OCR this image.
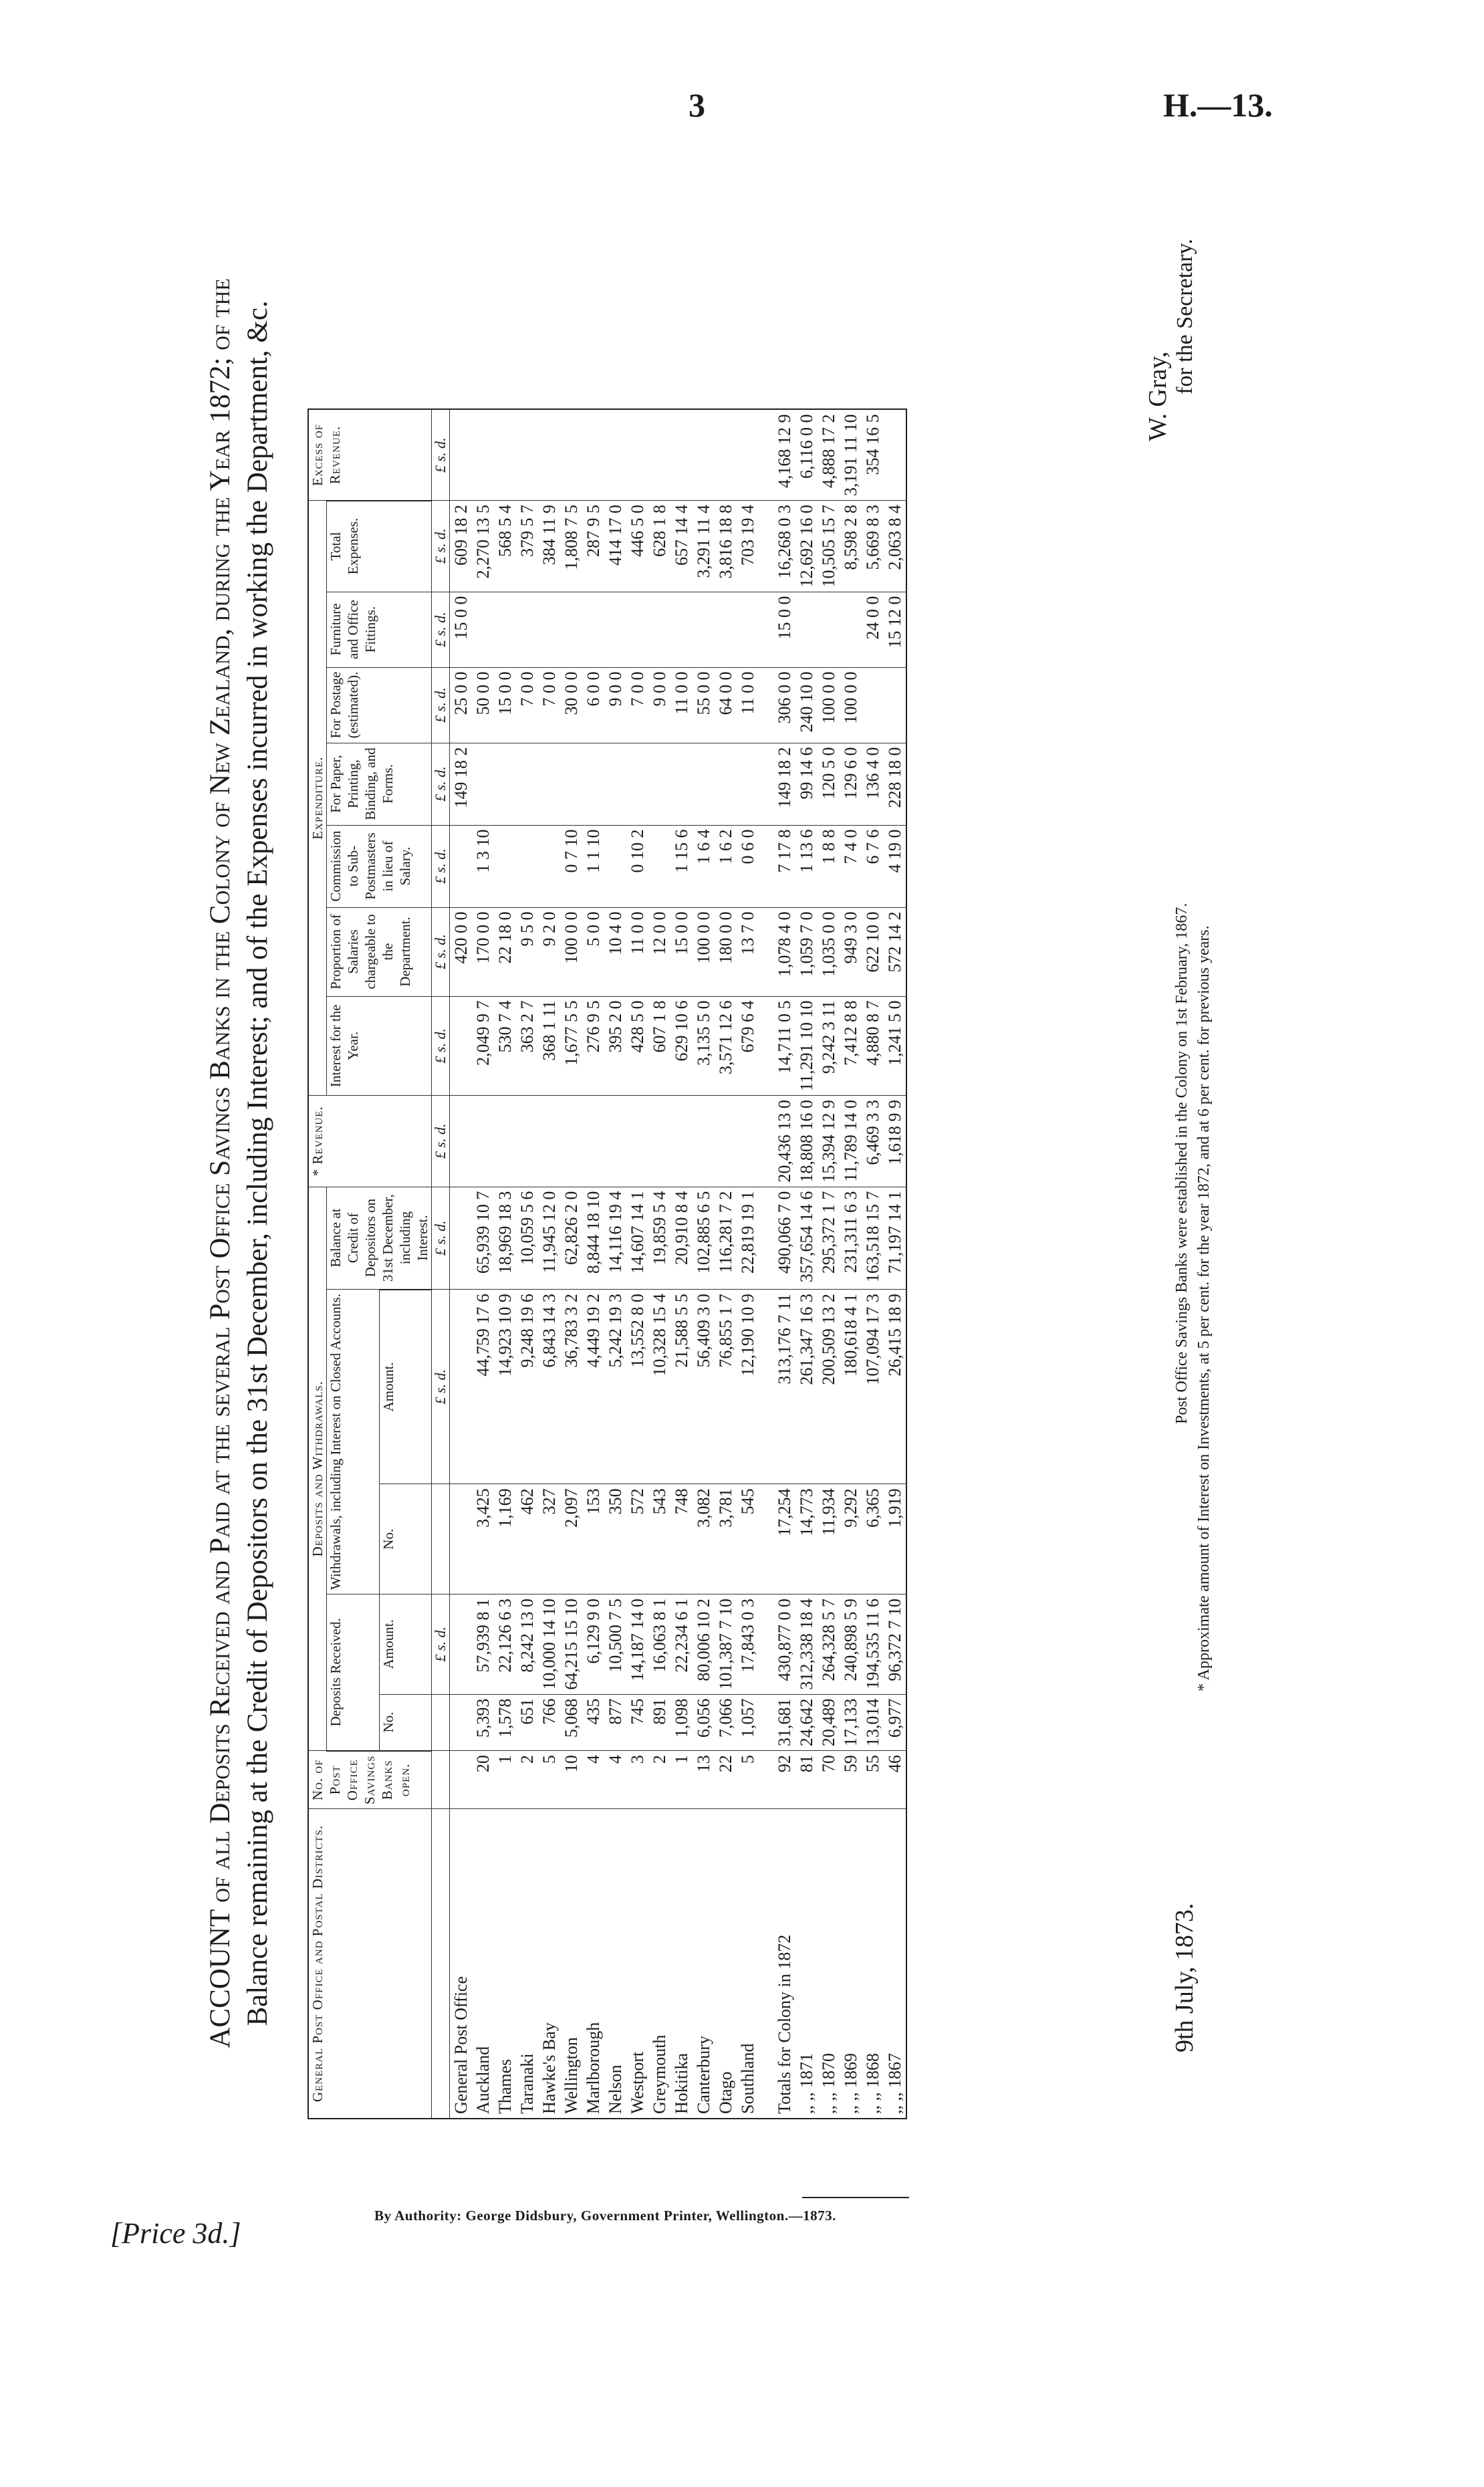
3	H.—13.
[Price 3d.]
By Authority: George Didsbury, Government Printer, Wellington.—1873.
ACCOUNT of all Deposits Received and Paid at the several Post Office Savings Banks in the Colony of New Zealand, during the Year 1872; of the Balance remaining at the Credit of Depositors on the 31st December, including Interest; and of the Expenses incurred in working the Department, &c.	General Post Office and Postal Districts.	No. of Post Office Savings Banks open.	Deposits and Withdrawals.					* Revenue.	Expenditure.							Excess of Revenue.
		Deposits Received.		Withdrawals, including Interest on Closed Accounts.		Balance at Credit of Depositors on 31st December, including Interest.		Interest for the Year.	Proportion of Salaries chargeable to the Department.	Commission to Sub-Postmasters in lieu of Salary.	For Paper, Printing, Binding, and Forms.	For Postage (estimated).	Furniture and Office Fittings.	Total Expenses.	
		No.	Amount.	No.	Amount.										
			£ s. d.		£ s. d.	£ s. d.	£ s. d.	£ s. d.	£ s. d.	£ s. d.	£ s. d.	£ s. d.	£ s. d.	£ s. d.	£ s. d.
General Post Office									420 0 0		149 18 2	25 0 0	15 0 0	609 18 2	
Auckland	20	5,393	57,939 8 1	3,425	44,759 17 6	65,939 10 7		2,049 9 7	170 0 0	1 3 10		50 0 0		2,270 13 5	
Thames	1	1,578	22,126 6 3	1,169	14,923 10 9	18,969 18 3		530 7 4	22 18 0			15 0 0		568 5 4	
Taranaki	2	651	8,242 13 0	462	9,248 19 6	10,059 5 6		363 2 7	9 5 0			7 0 0		379 5 7	
Hawke's Bay	5	766	10,000 14 10	327	6,843 14 3	11,945 12 0		368 1 11	9 2 0			7 0 0		384 11 9	
Wellington	10	5,068	64,215 15 10	2,097	36,783 3 2	62,826 2 0		1,677 5 5	100 0 0	0 7 10		30 0 0		1,808 7 5	
Marlborough	4	435	6,129 9 0	153	4,449 19 2	8,844 18 10		276 9 5	5 0 0	1 1 10		6 0 0		287 9 5	
Nelson	4	877	10,500 7 5	350	5,242 19 3	14,116 19 4		395 2 0	10 4 0			9 0 0		414 17 0	
Westport	3	745	14,187 14 0	572	13,552 8 0	14,607 14 1		428 5 0	11 0 0	0 10 2		7 0 0		446 5 0	
Greymouth	2	891	16,063 8 1	543	10,328 15 4	19,859 5 4		607 1 8	12 0 0			9 0 0		628 1 8	
Hokitika	1	1,098	22,234 6 1	748	21,588 5 5	20,910 8 4		629 10 6	15 0 0	1 15 6		11 0 0		657 14 4	
Canterbury	13	6,056	80,006 10 2	3,082	56,409 3 0	102,885 6 5		3,135 5 0	100 0 0	1 6 4		55 0 0		3,291 11 4	
Otago	22	7,066	101,387 7 10	3,781	76,855 1 7	116,281 7 2		3,571 12 6	180 0 0	1 6 2		64 0 0		3,816 18 8	
Southland	5	1,057	17,843 0 3	545	12,190 10 9	22,819 19 1		679 6 4	13 7 0	0 6 0		11 0 0		703 19 4	

Totals for Colony in 1872	92	31,681	430,877 0 0	17,254	313,176 7 11	490,066 7 0	20,436 13 0	14,711 0 5	1,078 4 0	7 17 8	149 18 2	306 0 0	15 0 0	16,268 0 3	4,168 12 9
,, ,, 1871	81	24,642	312,338 18 4	14,773	261,347 16 3	357,654 14 6	18,808 16 0	11,291 10 10	1,059 7 0	1 13 6	99 14 6	240 10 0		12,692 16 0	6,116 0 0
,, ,, 1870	70	20,489	264,328 5 7	11,934	200,509 13 2	295,372 1 7	15,394 12 9	9,242 3 11	1,035 0 0	1 8 8	120 5 0	100 0 0		10,505 15 7	4,888 17 2
,, ,, 1869	59	17,133	240,898 5 9	9,292	180,618 4 1	231,311 6 3	11,789 14 0	7,412 8 8	949 3 0	7 4 0	129 6 0	100 0 0		8,598 2 8	3,191 11 10
,, ,, 1868	55	13,014	194,535 11 6	6,365	107,094 17 3	163,518 15 7	6,469 3 3	4,880 8 7	622 10 0	6 7 6	136 4 0		24 0 0	5,669 8 3	354 16 5
,, ,, 1867	46	6,977	96,372 7 10	1,919	26,415 18 9	71,197 14 1	1,618 9 9	1,241 5 0	572 14 2	4 19 0	228 18 0		15 12 0	2,063 8 4	
Post Office Savings Banks were established in the Colony on 1st February, 1867. * Approximate amount of Interest on Investments, at 5 per cent. for the year 1872, and at 6 per cent. for previous years.
9th July, 1873.
W. Gray,
for the Secretary.
